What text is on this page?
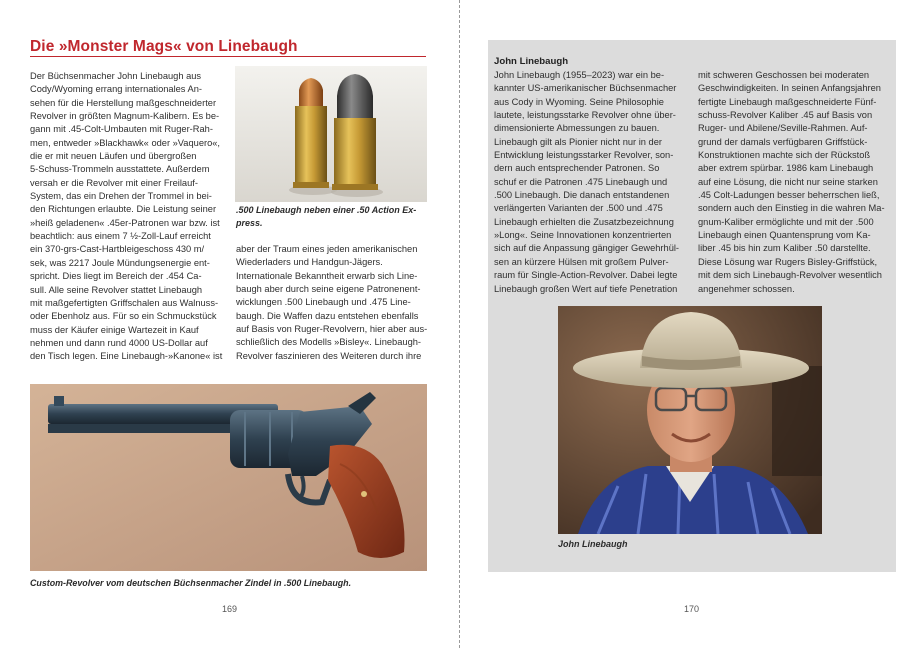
Die »Monster Mags« von Linebaugh

Der Büchsenmacher John Linebaugh aus

Cody/Wyoming errang internationales An-

sehen für die Herstellung maßgeschneiderter

Revolver in größten Magnum-Kalibern. Es be-

gann mit .45-Colt-Umbauten mit Ruger-Rah-

men, entweder »Blackhawk« oder »Vaquero«,

die er mit neuen Läufen und übergroßen

5-Schuss-Trommeln ausstattete. Außerdem

versah er die Revolver mit einer Freilauf-

System, das ein Drehen der Trommel in bei-

den Richtungen erlaubte. Die Leistung seiner

»heiß geladenen« .45er-Patronen war bzw. ist

beachtlich: aus einem 7 ½-Zoll-Lauf erreicht

ein 370-grs-Cast-Hartbleigeschoss 430 m/

sek, was 2217 Joule Mündungsenergie ent-

spricht. Dies liegt im Bereich der .454 Ca-

sull. Alle seine Revolver stattet Linebaugh

mit maßgefertigten Griffschalen aus Walnuss-

oder Ebenholz aus. Für so ein Schmuckstück

muss der Käufer einige Wartezeit in Kauf

nehmen und dann rund 4000 US-Dollar auf

den Tisch legen. Eine Linebaugh-»Kanone« ist

.500 Linebaugh neben einer .50 Action Ex-
press.

aber der Traum eines jeden amerikanischen

Wiederladers und Handgun-Jägers.

Internationale Bekanntheit erwarb sich Line-

baugh aber durch seine eigene Patronenent-

wicklungen .500 Linebaugh und .475 Line-

baugh. Die Waffen dazu entstehen ebenfalls

auf Basis von Ruger-Revolvern, hier aber aus-

schließlich des Modells »Bisley«. Linebaugh-

Revolver faszinieren des Weiteren durch ihre

Custom-Revolver vom deutschen Büchsenmacher Zindel in .500 Linebaugh.
169
John Linebaugh

John Linebaugh (1955–2023) war ein be-

kannter US-amerikanischer Büchsenmacher

aus Cody in Wyoming. Seine Philosophie

lautete, leistungsstarke Revolver ohne über-

dimensionierte Abmessungen zu bauen.

Linebaugh gilt als Pionier nicht nur in der

Entwicklung leistungsstarker Revolver, son-

dern auch entsprechender Patronen. So

schuf er die Patronen .475 Linebaugh und

.500 Linebaugh. Die danach entstandenen

verlängerten Varianten der .500 und .475

Linebaugh erhielten die Zusatzbezeichnung

»Long«. Seine Innovationen konzentrierten

sich auf die Anpassung gängiger Gewehrhül-

sen an kürzere Hülsen mit großem Pulver-

raum für Single-Action-Revolver. Dabei legte

Linebaugh großen Wert auf tiefe Penetration

mit schweren Geschossen bei moderaten

Geschwindigkeiten. In seinen Anfangsjahren

fertigte Linebaugh maßgeschneiderte Fünf-

schuss-Revolver Kaliber .45 auf Basis von

Ruger- und Abilene/Seville-Rahmen. Auf-

grund der damals verfügbaren Griffstück-

Konstruktionen machte sich der Rückstoß

aber extrem spürbar. 1986 kam Linebaugh

auf eine Lösung, die nicht nur seine starken

.45 Colt-Ladungen besser beherrschen ließ,

sondern auch den Einstieg in die wahren Ma-

gnum-Kaliber ermöglichte und mit der .500

Linebaugh einen Quantensprung vom Ka-

liber .45 bis hin zum Kaliber .50 darstellte.

Diese Lösung war Rugers Bisley-Griffstück,

mit dem sich Linebaugh-Revolver wesentlich

angenehmer schossen.

John Linebaugh
170
